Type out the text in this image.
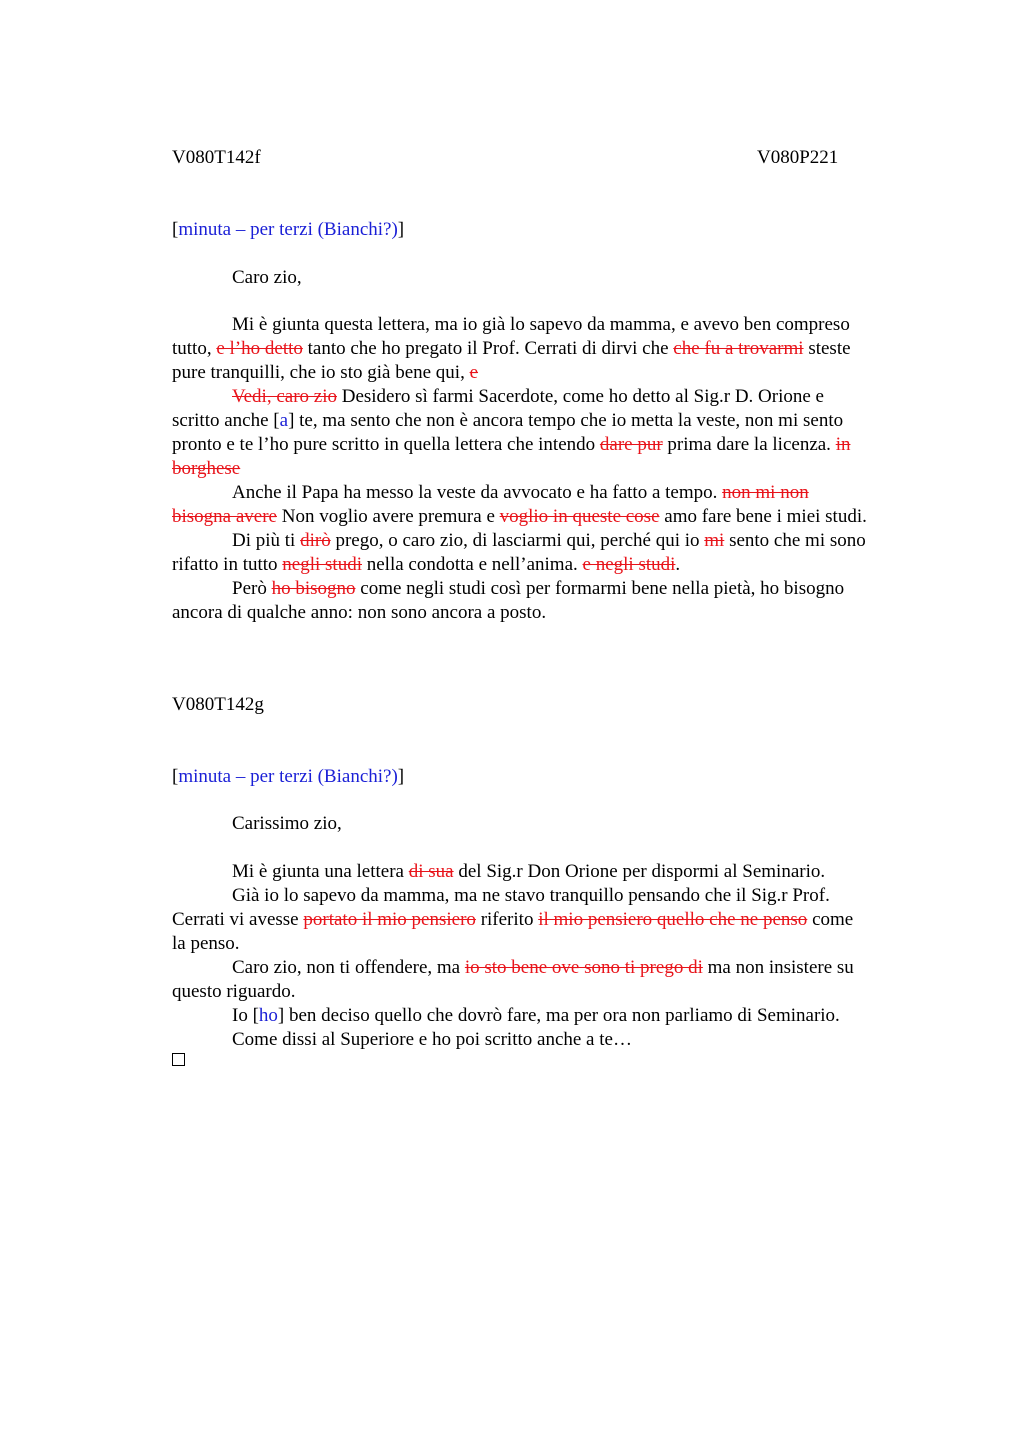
V080T142f	V080P221
[minuta – per terzi (Bianchi?)]
Caro zio,
Mi è giunta questa lettera, ma io già lo sapevo da mamma, e avevo ben compreso
tutto, e l’ho detto tanto che ho pregato il Prof. Cerrati di dirvi che che fu a trovarmi steste
pure tranquilli, che io sto già bene qui, e
Vedi, caro zio Desidero sì farmi Sacerdote, come ho detto al Sig.r D. Orione e
scritto anche [a] te, ma sento che non è ancora tempo che io metta la veste, non mi sento
pronto e te l’ho pure scritto in quella lettera che intendo dare pur prima dare la licenza. in
borghese
Anche il Papa ha messo la veste da avvocato e ha fatto a tempo. non mi non
bisogna avere Non voglio avere premura e voglio in queste cose amo fare bene i miei studi.
Di più ti dirò prego, o caro zio, di lasciarmi qui, perché qui io mi sento che mi sono
rifatto in tutto negli studi nella condotta e nell’anima. e negli studi.
Però ho bisogno come negli studi così per formarmi bene nella pietà, ho bisogno
ancora di qualche anno: non sono ancora a posto.
V080T142g
[minuta – per terzi (Bianchi?)]
Carissimo zio,
Mi è giunta una lettera di sua del Sig.r Don Orione per dispormi al Seminario.
Già io lo sapevo da mamma, ma ne stavo tranquillo pensando che il Sig.r Prof.
Cerrati vi avesse portato il mio pensiero riferito il mio pensiero quello che ne penso come
la penso.
Caro zio, non ti offendere, ma io sto bene ove sono ti prego di ma non insistere su
questo riguardo.
Io [ho] ben deciso quello che dovrò fare, ma per ora non parliamo di Seminario.
Come dissi al Superiore e ho poi scritto anche a te…
